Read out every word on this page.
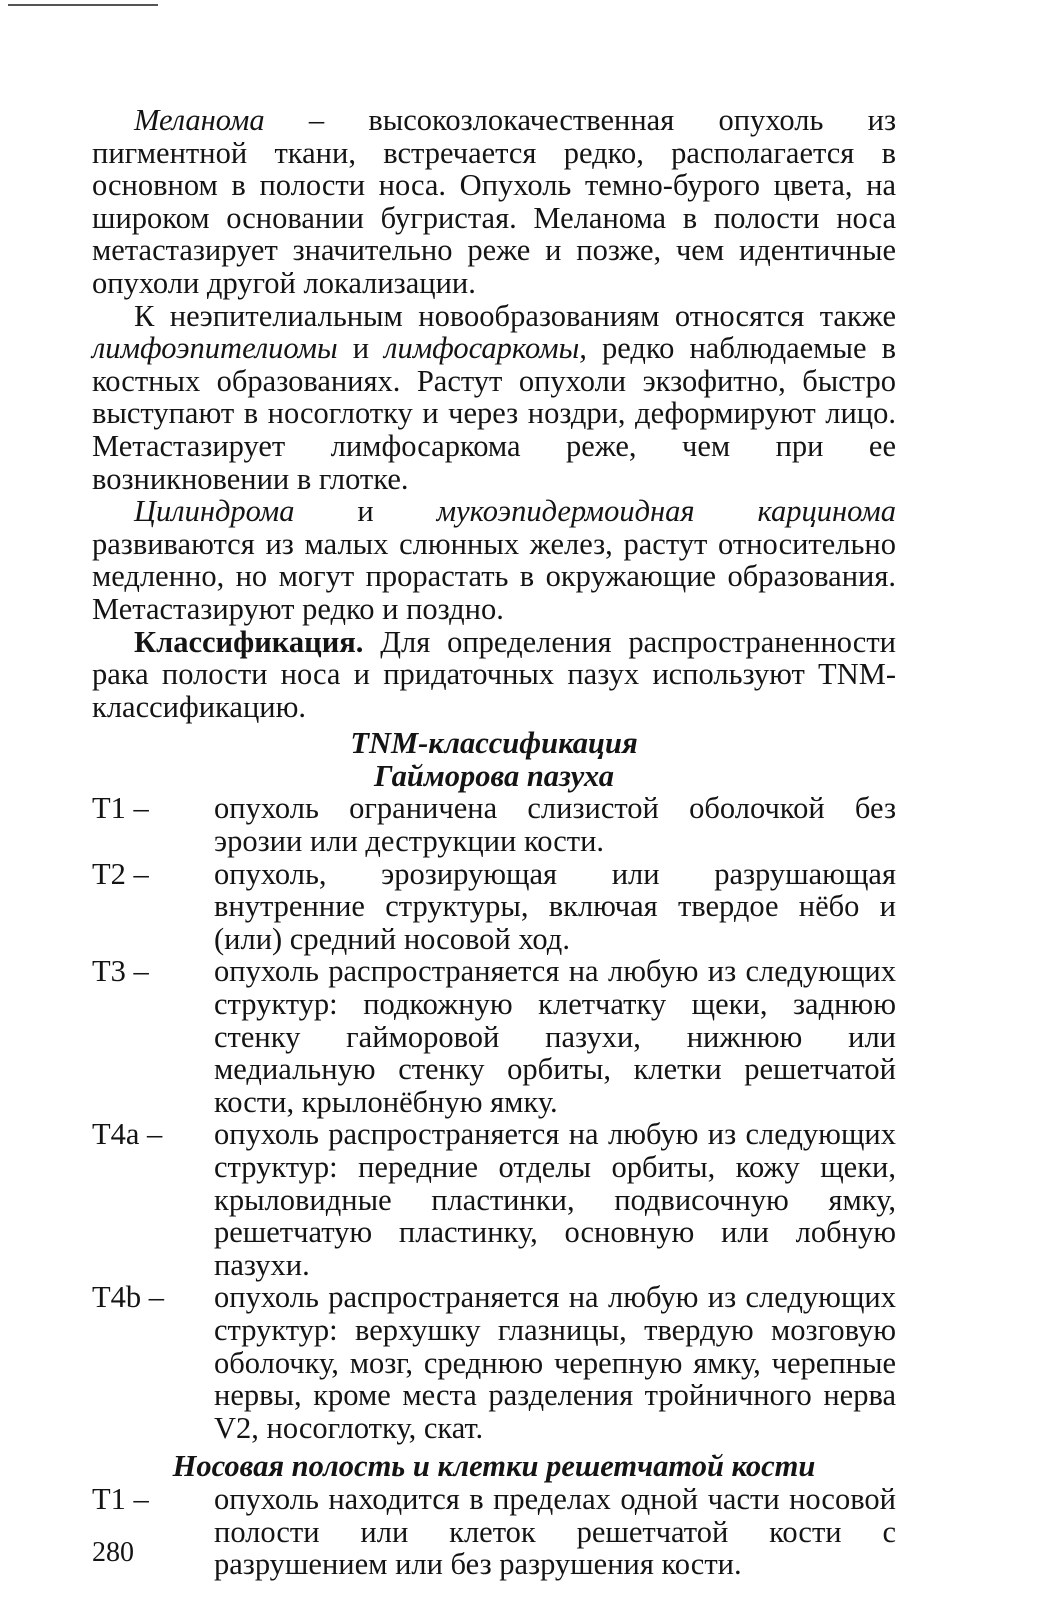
Меланома – высокозлокачественная опухоль из пигментной ткани, встречается редко, располагается в основном в полости носа. Опухоль темно-бурого цвета, на широком основании бугристая. Меланома в полости носа метастазирует значительно реже и позже, чем идентичные опухоли другой локализации.

К неэпителиальным новообразованиям относятся также лимфоэпителиомы и лимфосаркомы, редко наблюдаемые в костных образованиях. Растут опухоли экзофитно, быстро выступают в носоглотку и через ноздри, деформируют лицо. Метастазирует лимфосаркома реже, чем при ее возникновении в глотке.

Цилиндрома и мукоэпидермоидная карцинома развиваются из малых слюнных желез, растут относительно медленно, но могут прорастать в окружающие образования. Метастазируют редко и поздно.

Классификация. Для определения распространенности рака полости носа и придаточных пазух используют TNM-классификацию.

TNM-классификация

Гайморова пазуха

T1 –	опухоль ограничена слизистой оболочкой без эрозии или деструкции кости.
T2 –	опухоль, эрозирующая или разрушающая внутренние структуры, включая твердое нёбо и (или) средний носовой ход.
T3 –	опухоль распространяется на любую из следующих структур: подкожную клетчатку щеки, заднюю стенку гайморовой пазухи, нижнюю или медиальную стенку орбиты, клетки решетчатой кости, крылонёбную ямку.
T4a –	опухоль распространяется на любую из следующих структур: передние отделы орбиты, кожу щеки, крыловидные пластинки, подвисочную ямку, решетчатую пластинку, основную или лобную пазухи.
T4b –	опухоль распространяется на любую из следующих структур: верхушку глазницы, твердую мозговую оболочку, мозг, среднюю черепную ямку, черепные нервы, кроме места разделения тройничного нерва V2, носоглотку, скат.

Носовая полость и клетки решетчатой кости

T1 –	опухоль находится в пределах одной части носовой полости или клеток решетчатой кости с разрушением или без разрушения кости.
280
